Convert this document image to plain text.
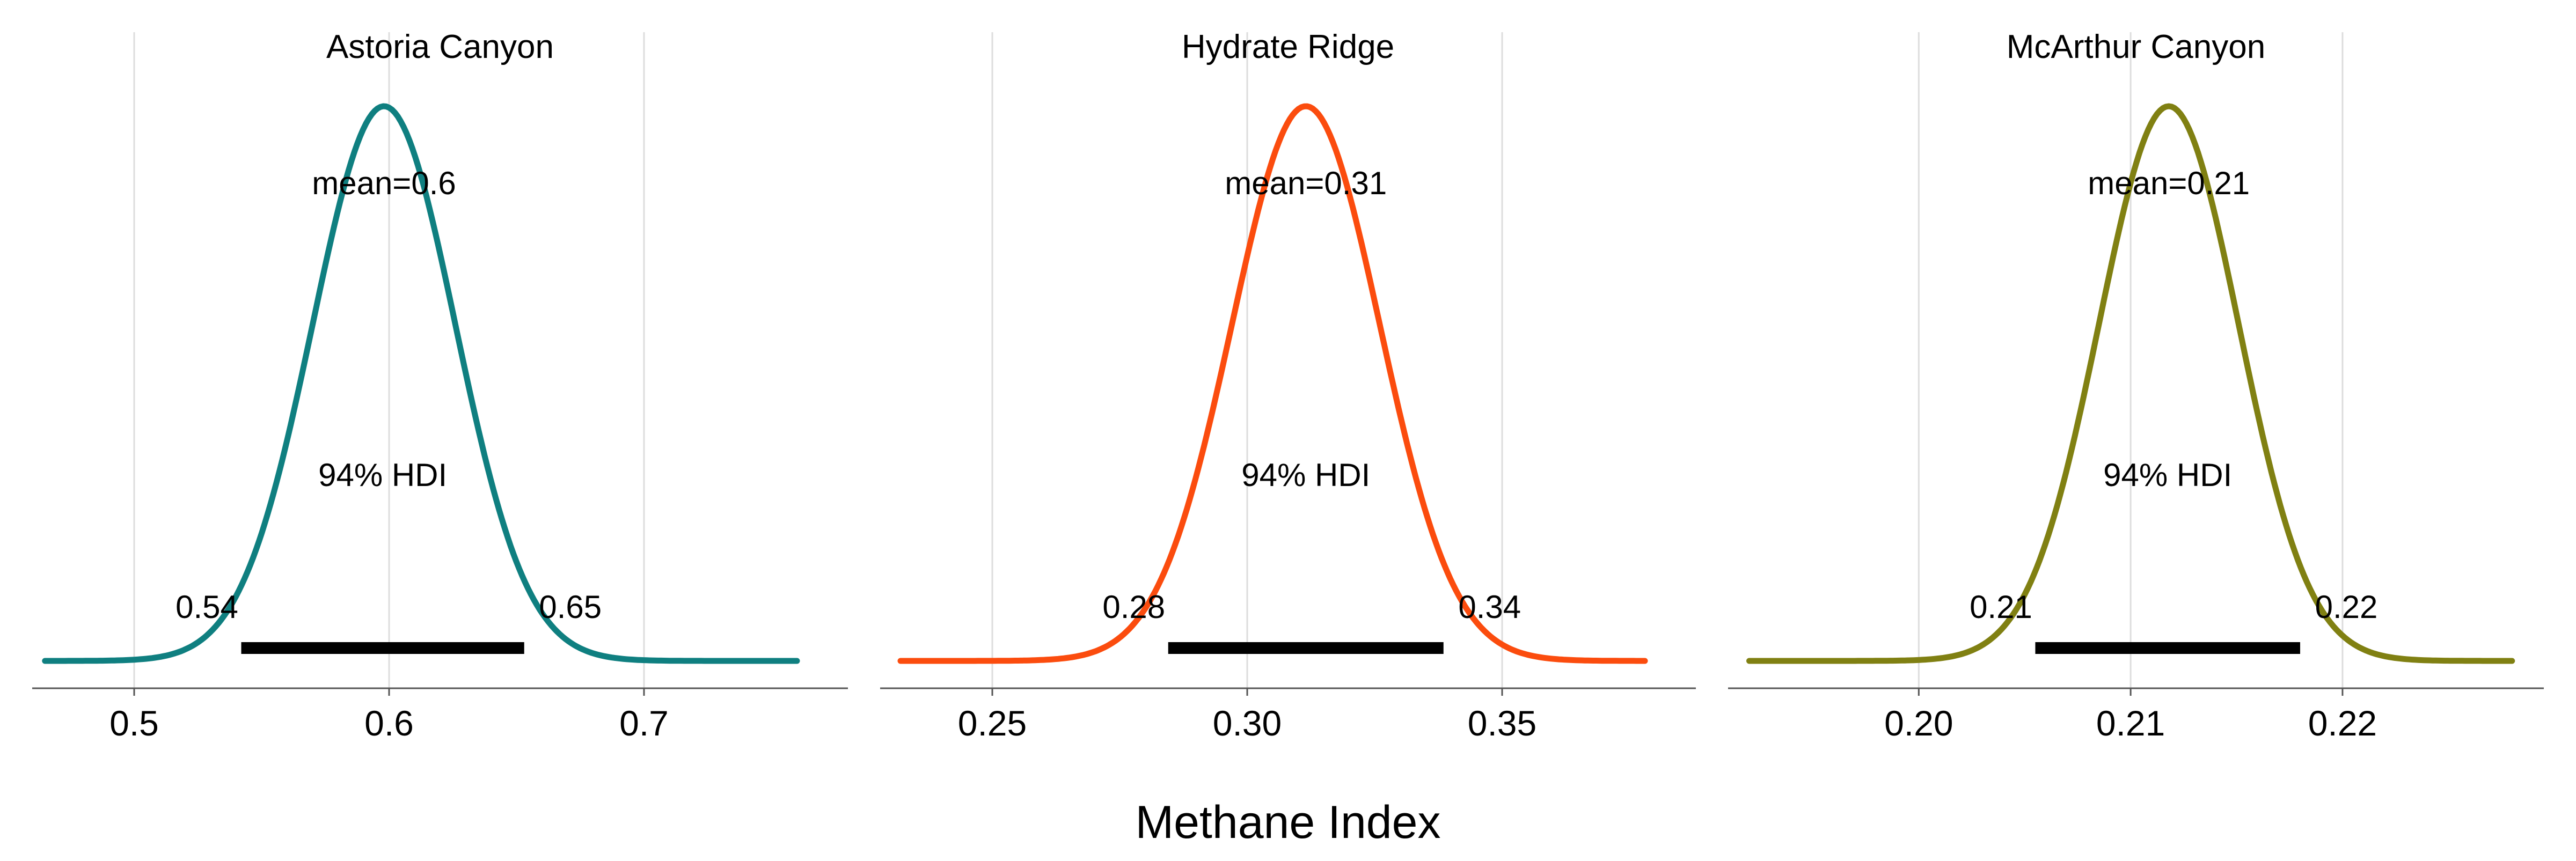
Methane Index
0.5	0.6	0.7
Astoria Canyon
mean=0.6
94% HDI
0.54	0.65
0.25	0.30	0.35
Hydrate Ridge
mean=0.31
94% HDI
0.28	0.34
0.20	0.21	0.22
McArthur Canyon
mean=0.21
94% HDI
0.21	0.22
